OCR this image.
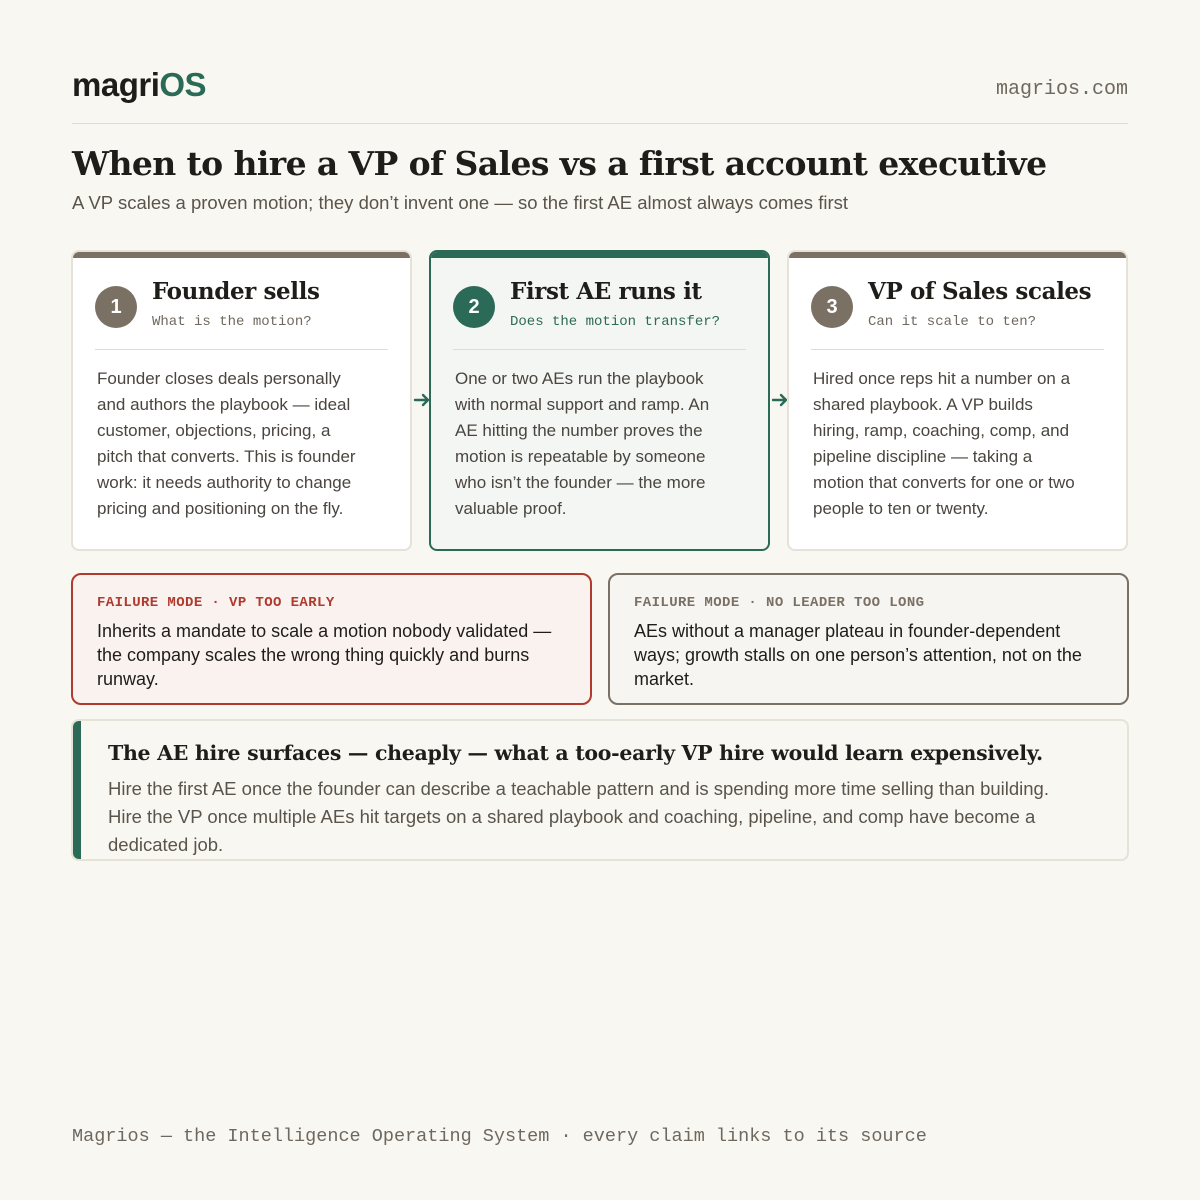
magriOS	magrios.com
When to hire a VP of Sales vs a first account executive
A VP scales a proven motion; they don’t invent one — so the first AE almost always comes first
1
Founder sells
What is the motion?
Founder closes deals personally and authors the playbook — ideal customer, objections, pricing, a pitch that converts. This is founder work: it needs authority to change pricing and positioning on the fly.
2
First AE runs it
Does the motion transfer?
One or two AEs run the playbook with normal support and ramp. An AE hitting the number proves the motion is repeatable by someone who isn’t the founder — the more valuable proof.
3
VP of Sales scales
Can it scale to ten?
Hired once reps hit a number on a shared playbook. A VP builds hiring, ramp, coaching, comp, and pipeline discipline — taking a motion that converts for one or two people to ten or twenty.
FAILURE MODE · VP TOO EARLY
Inherits a mandate to scale a motion nobody validated — the company scales the wrong thing quickly and burns runway.
FAILURE MODE · NO LEADER TOO LONG
AEs without a manager plateau in founder-dependent ways; growth stalls on one person’s attention, not on the market.
The AE hire surfaces — cheaply — what a too-early VP hire would learn expensively.
Hire the first AE once the founder can describe a teachable pattern and is spending more time selling than building. Hire the VP once multiple AEs hit targets on a shared playbook and coaching, pipeline, and comp have become a dedicated job.
Magrios — the Intelligence Operating System · every claim links to its source
